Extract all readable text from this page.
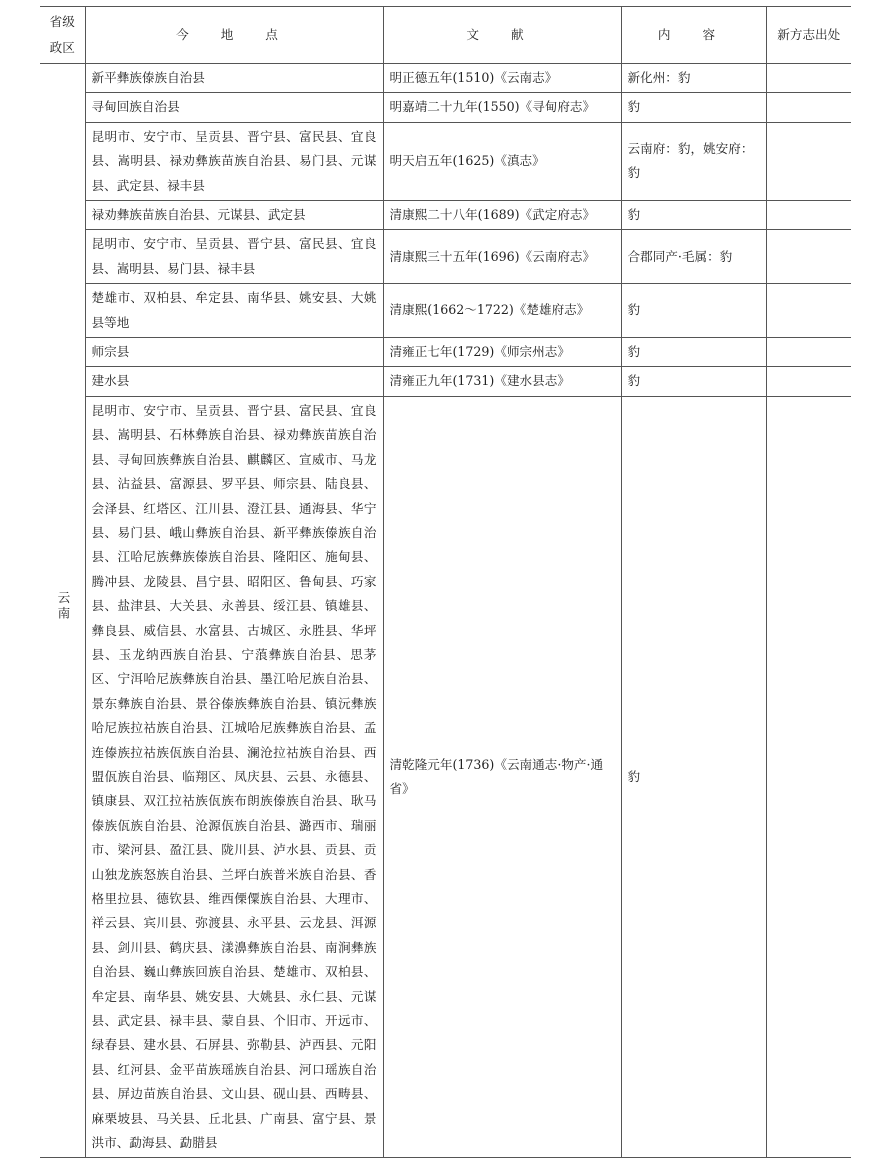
省级
政区	今 地 点	文 献	内 容	新方志出处
云南	新平彝族傣族自治县	明正德五年(1510)《云南志》	新化州：豹	
	寻甸回族自治县	明嘉靖二十九年(1550)《寻甸府志》	豹	
	昆明市、安宁市、呈贡县、晋宁县、富民县、宜良县、嵩明县、禄劝彝族苗族自治县、易门县、元谋县、武定县、禄丰县	明天启五年(1625)《滇志》	云南府：豹，姚安府：豹	
	禄劝彝族苗族自治县、元谋县、武定县	清康熙二十八年(1689)《武定府志》	豹	
	昆明市、安宁市、呈贡县、晋宁县、富民县、宜良县、嵩明县、易门县、禄丰县	清康熙三十五年(1696)《云南府志》	合郡同产·毛属：豹	
	楚雄市、双柏县、牟定县、南华县、姚安县、大姚县等地	清康熙(1662～1722)《楚雄府志》	豹	
	师宗县	清雍正七年(1729)《师宗州志》	豹	
	建水县	清雍正九年(1731)《建水县志》	豹	
	昆明市、安宁市、呈贡县、晋宁县、富民县、宜良县、嵩明县、石林彝族自治县、禄劝彝族苗族自治县、寻甸回族彝族自治县、麒麟区、宣威市、马龙县、沾益县、富源县、罗平县、师宗县、陆良县、会泽县、红塔区、江川县、澄江县、通海县、华宁县、易门县、峨山彝族自治县、新平彝族傣族自治县、江哈尼族彝族傣族自治县、隆阳区、施甸县、腾冲县、龙陵县、昌宁县、昭阳区、鲁甸县、巧家县、盐津县、大关县、永善县、绥江县、镇雄县、彝良县、威信县、水富县、古城区、永胜县、华坪县、玉龙纳西族自治县、宁蒗彝族自治县、思茅区、宁洱哈尼族彝族自治县、墨江哈尼族自治县、景东彝族自治县、景谷傣族彝族自治县、镇沅彝族哈尼族拉祜族自治县、江城哈尼族彝族自治县、孟连傣族拉祜族佤族自治县、澜沧拉祜族自治县、西盟佤族自治县、临翔区、凤庆县、云县、永德县、镇康县、双江拉祜族佤族布朗族傣族自治县、耿马傣族佤族自治县、沧源佤族自治县、潞西市、瑞丽市、梁河县、盈江县、陇川县、泸水县、贡县、贡山独龙族怒族自治县、兰坪白族普米族自治县、香格里拉县、德钦县、维西傈僳族自治县、大理市、祥云县、宾川县、弥渡县、永平县、云龙县、洱源县、剑川县、鹤庆县、漾濞彝族自治县、南涧彝族自治县、巍山彝族回族自治县、楚雄市、双柏县、牟定县、南华县、姚安县、大姚县、永仁县、元谋县、武定县、禄丰县、蒙自县、个旧市、开远市、绿春县、建水县、石屏县、弥勒县、泸西县、元阳县、红河县、金平苗族瑶族自治县、河口瑶族自治县、屏边苗族自治县、文山县、砚山县、西畴县、麻栗坡县、马关县、丘北县、广南县、富宁县、景洪市、勐海县、勐腊县	清乾隆元年(1736)《云南通志·物产·通省》	豹	
